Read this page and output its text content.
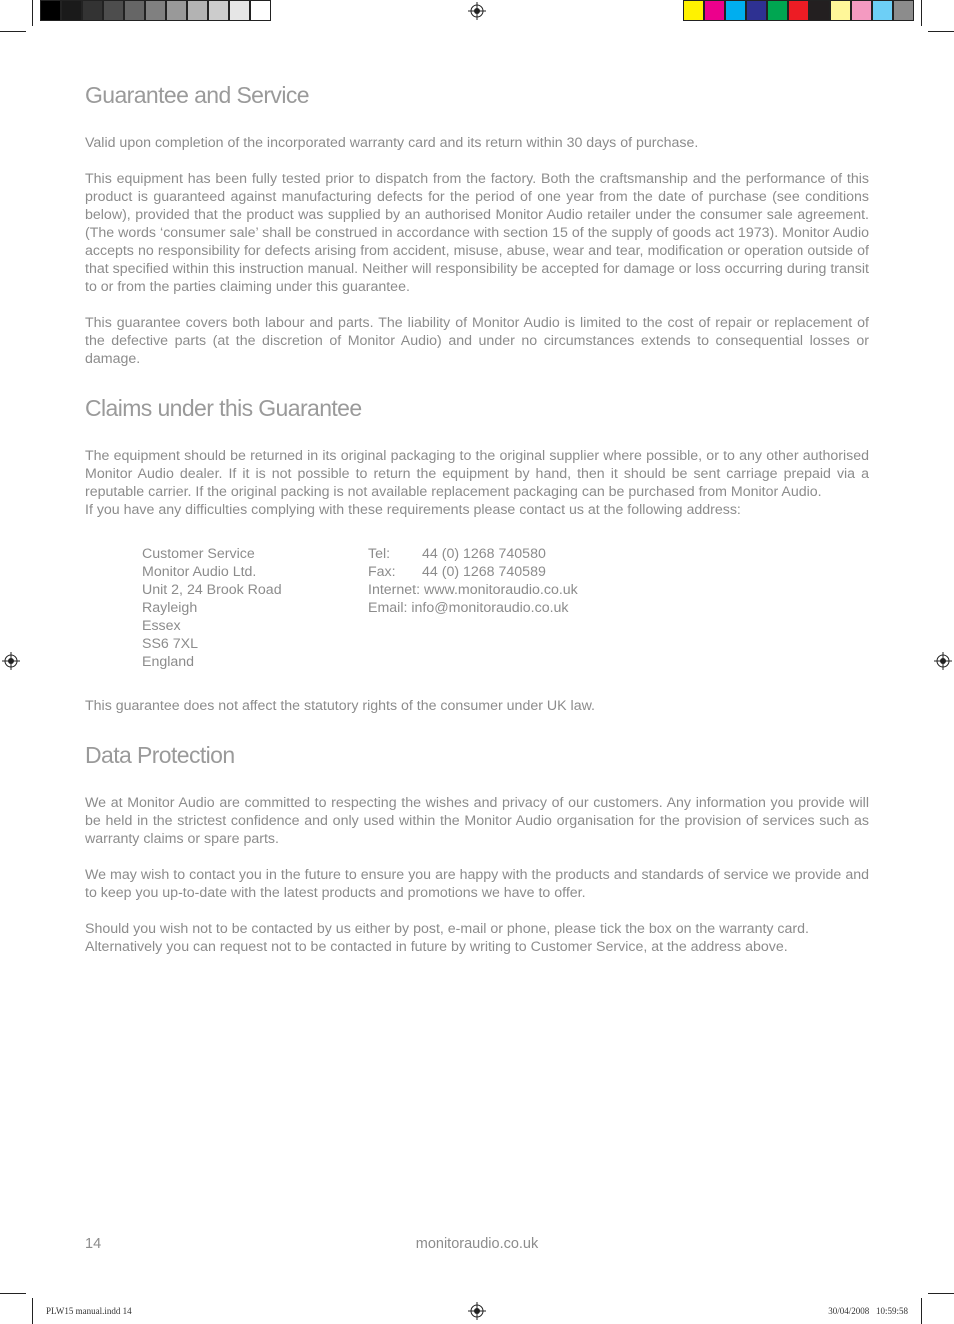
Guarantee and Service

Valid upon completion of the incorporated warranty card and its return within 30 days of purchase.

This equipment has been fully tested prior to dispatch from the factory. Both the craftsmanship and the performance of this product is guaranteed against manufacturing defects for the period of one year from the date of purchase (see conditions below), provided that the product was supplied by an authorised Monitor Audio retailer under the consumer sale agreement. (The words ‘consumer sale’ shall be construed in accordance with section 15 of the supply of goods act 1973). Monitor Audio accepts no responsibility for defects arising from accident, misuse, abuse, wear and tear, modification or operation outside of that specified within this instruction manual. Neither will responsibility be accepted for damage or loss occurring during transit to or from the parties claiming under this guarantee.

This guarantee covers both labour and parts. The liability of Monitor Audio is limited to the cost of repair or replacement of the defective parts (at the discretion of Monitor Audio) and under no circumstances extends to consequential losses or damage.

Claims under this Guarantee

The equipment should be returned in its original packaging to the original supplier where possible, or to any other authorised Monitor Audio dealer. If it is not possible to return the equipment by hand, then it should be sent carriage prepaid via a reputable carrier. If the original packing is not available replacement packaging can be purchased from Monitor Audio.

If you have any difficulties complying with these requirements please contact us at the following address:

Customer Service
Monitor Audio Ltd.
Unit 2, 24 Brook Road
Rayleigh
Essex
SS6 7XL
England
Tel: 44 (0) 1268 740580
Fax: 44 (0) 1268 740589
Internet: www.monitoraudio.co.uk
Email: info@monitoraudio.co.uk

This guarantee does not affect the statutory rights of the consumer under UK law.

Data Protection

We at Monitor Audio are committed to respecting the wishes and privacy of our customers. Any information you provide will be held in the strictest confidence and only used within the Monitor Audio organisation for the provision of services such as warranty claims or spare parts.

We may wish to contact you in the future to ensure you are happy with the products and standards of service we provide and to keep you up-to-date with the latest products and promotions we have to offer.

Should you wish not to be contacted by us either by post, e-mail or phone, please tick the box on the warranty card.

Alternatively you can request not to be contacted in future by writing to Customer Service, at the address above.

monitoraudio.co.uk
14
PLW15 manual.indd 14	30/04/2008   10:59:58
